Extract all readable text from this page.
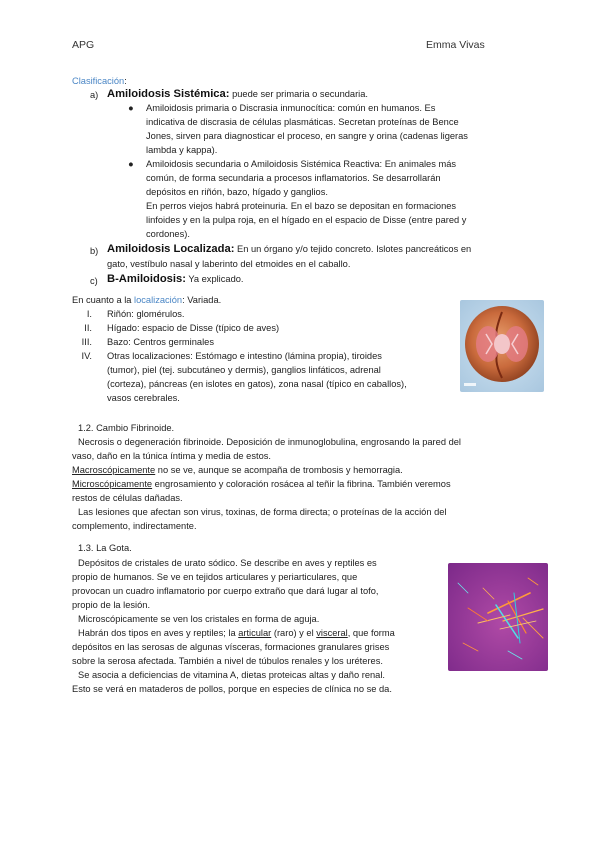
APG	Emma Vivas
Clasificación:
a) Amiloidosis Sistémica: puede ser primaria o secundaria.
● Amiloidosis primaria o Discrasia inmunocítica: común en humanos. Es
indicativa de discrasia de células plasmáticas. Secretan proteínas de Bence
Jones, sirven para diagnosticar el proceso, en sangre y orina (cadenas ligeras
lambda y kappa).
● Amiloidosis secundaria o Amiloidosis Sistémica Reactiva: En animales más
común, de forma secundaria a procesos inflamatorios. Se desarrollarán
depósitos en riñón, bazo, hígado y ganglios.
En perros viejos habrá proteinuria. En el bazo se depositan en formaciones
linfoides y en la pulpa roja, en el hígado en el espacio de Disse (entre pared y
cordones).
b) Amiloidosis Localizada: En un órgano y/o tejido concreto. Islotes pancreáticos en
gato, vestíbulo nasal y laberinto del etmoides en el caballo.
c) B-Amiloidosis: Ya explicado.
En cuanto a la localización: Variada.
I. Riñón: glomérulos.
II. Hígado: espacio de Disse (típico de aves)
III. Bazo: Centros germinales
IV. Otras localizaciones: Estómago e intestino (lámina propia), tiroides
(tumor), piel (tej. subcutáneo y dermis), ganglios linfáticos, adrenal
(corteza), páncreas (en islotes en gatos), zona nasal (típico en caballos),
vasos cerebrales.
1.2. Cambio Fibrinoide.
Necrosis o degeneración fibrinoide. Deposición de inmunoglobulina, engrosando la pared del
vaso, daño en la túnica íntima y media de estos.
Macroscópicamente no se ve, aunque se acompaña de trombosis y hemorragia.
Microscópicamente engrosamiento y coloración rosácea al teñir la fibrina. También veremos
restos de células dañadas.
Las lesiones que afectan son virus, toxinas, de forma directa; o proteínas de la acción del
complemento, indirectamente.
1.3. La Gota.
Depósitos de cristales de urato sódico. Se describe en aves y reptiles es
propio de humanos. Se ve en tejidos articulares y periarticulares, que
provocan un cuadro inflamatorio por cuerpo extraño que dará lugar al tofo,
propio de la lesión.
Microscópicamente se ven los cristales en forma de aguja.
Habrán dos tipos en aves y reptiles; la articular (raro) y el visceral, que forma
depósitos en las serosas de algunas vísceras, formaciones granulares grises
sobre la serosa afectada. También a nivel de túbulos renales y los uréteres.
Se asocia a deficiencias de vitamina A, dietas proteicas altas y daño renal.
Esto se verá en mataderos de pollos, porque en especies de clínica no se da.
